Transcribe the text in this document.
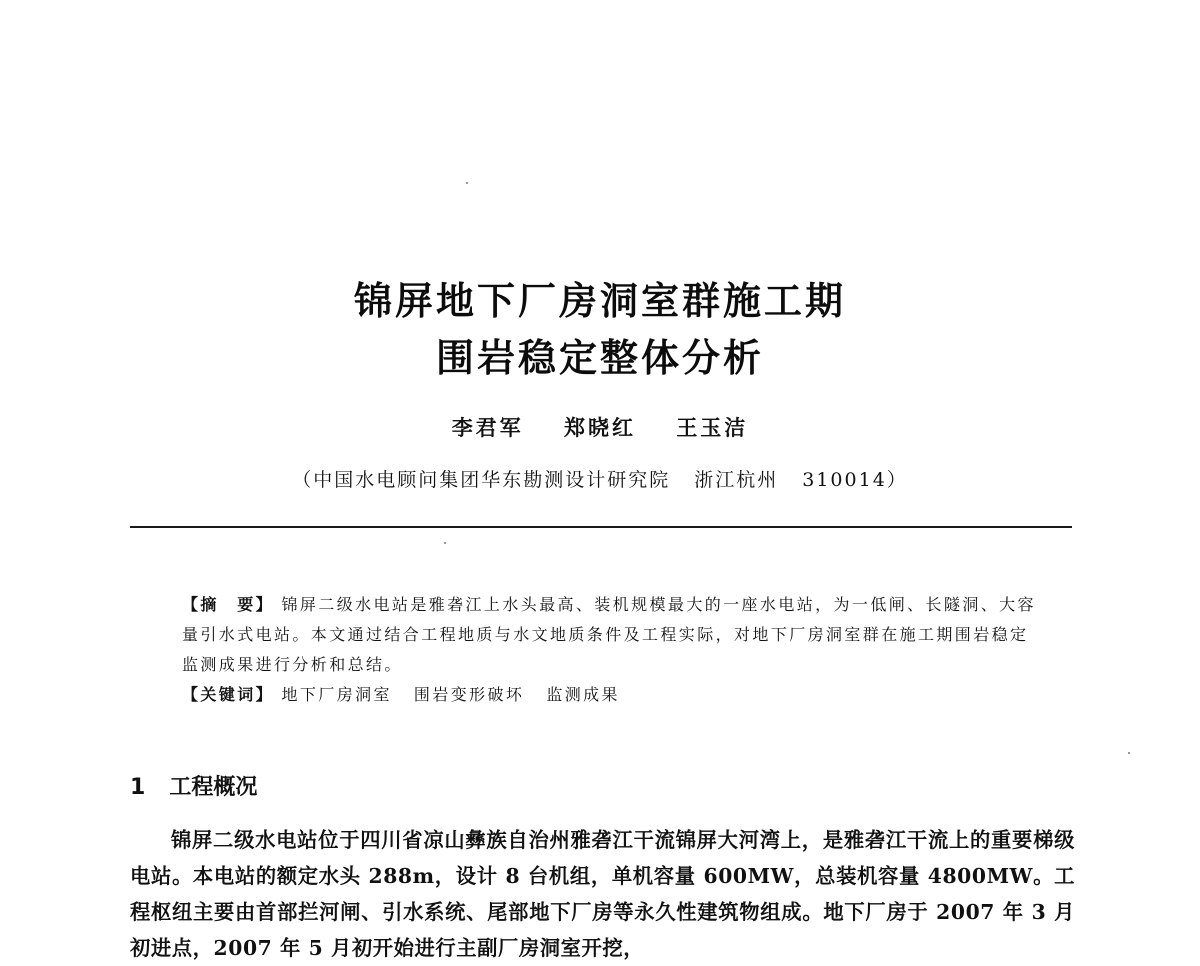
锦屏地下厂房洞室群施工期
围岩稳定整体分析
李君军 郑晓红 王玉洁
（中国水电顾问集团华东勘测设计研究院 浙江杭州 310014）
【摘　要】 锦屏二级水电站是雅砻江上水头最高、装机规模最大的一座水电站，为一低闸、长隧洞、大容量引水式电站。本文通过结合工程地质与水文地质条件及工程实际，对地下厂房洞室群在施工期围岩稳定监测成果进行分析和总结。
【关键词】 地下厂房洞室 围岩变形破坏 监测成果
1 工程概况
锦屏二级水电站位于四川省凉山彝族自治州雅砻江干流锦屏大河湾上，是雅砻江干流上的重要梯级电站。本电站的额定水头 288m，设计 8 台机组，单机容量 600MW，总装机容量 4800MW。工程枢纽主要由首部拦河闸、引水系统、尾部地下厂房等永久性建筑物组成。地下厂房于 2007 年 3 月初进点，2007 年 5 月初开始进行主副厂房洞室开挖，
